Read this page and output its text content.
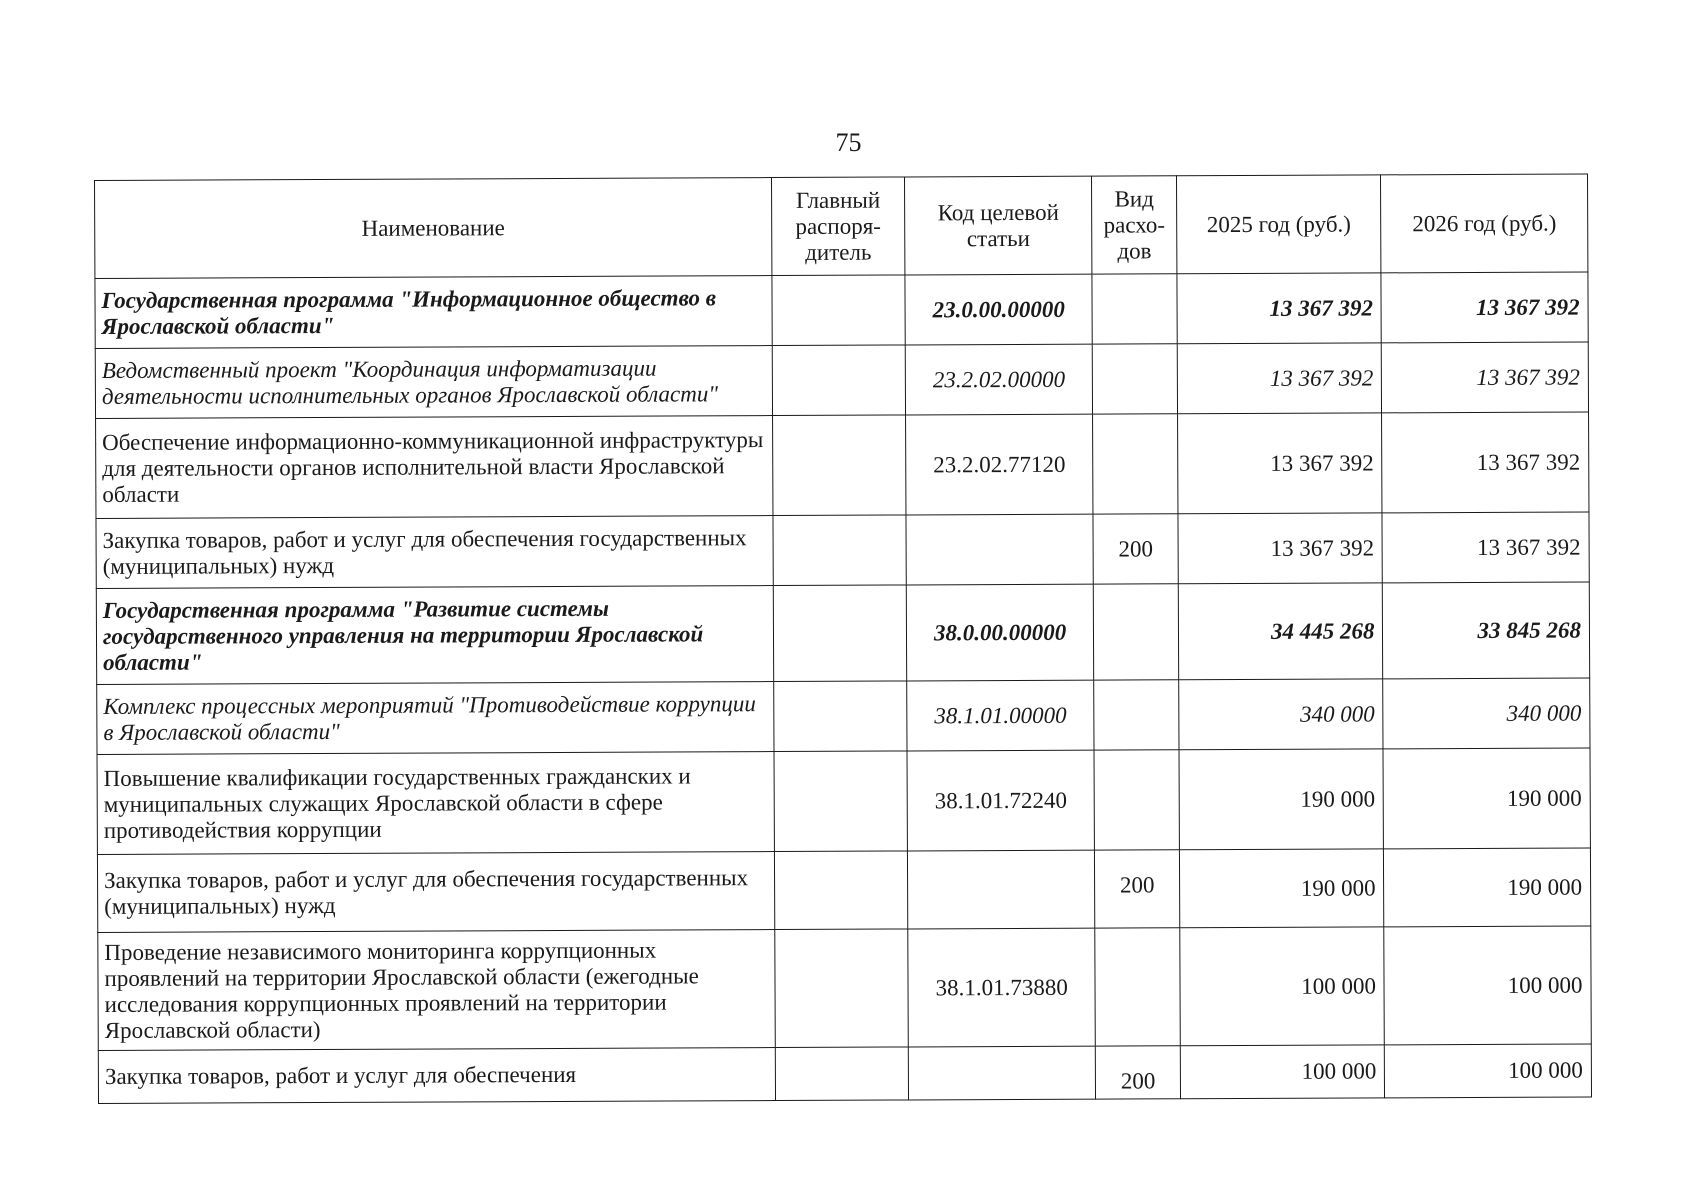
75
Наименование	Главный распоря-дитель	Код целевой статьи	Вид расхо-дов	2025 год (руб.)	2026 год (руб.)
Государственная программа "Информационное общество в Ярославской области"		23.0.00.00000		13 367 392	13 367 392
Ведомственный проект "Координация информатизации деятельности исполнительных органов Ярославской области"		23.2.02.00000		13 367 392	13 367 392
Обеспечение информационно-коммуникационной инфраструктуры для деятельности органов исполнительной власти Ярославской области		23.2.02.77120		13 367 392	13 367 392
Закупка товаров, работ и услуг для обеспечения государственных (муниципальных) нужд			200	13 367 392	13 367 392
Государственная программа "Развитие системы государственного управления на территории Ярославской области"		38.0.00.00000		34 445 268	33 845 268
Комплекс процессных мероприятий "Противодействие коррупции в Ярославской области"		38.1.01.00000		340 000	340 000
Повышение квалификации государственных гражданских и муниципальных служащих Ярославской области в сфере противодействия коррупции		38.1.01.72240		190 000	190 000
Закупка товаров, работ и услуг для обеспечения государственных (муниципальных) нужд			200	190 000	190 000
Проведение независимого мониторинга коррупционных проявлений на территории Ярославской области (ежегодные исследования коррупционных проявлений на территории Ярославской области)		38.1.01.73880		100 000	100 000
Закупка товаров, работ и услуг для обеспечения			200	100 000	100 000
